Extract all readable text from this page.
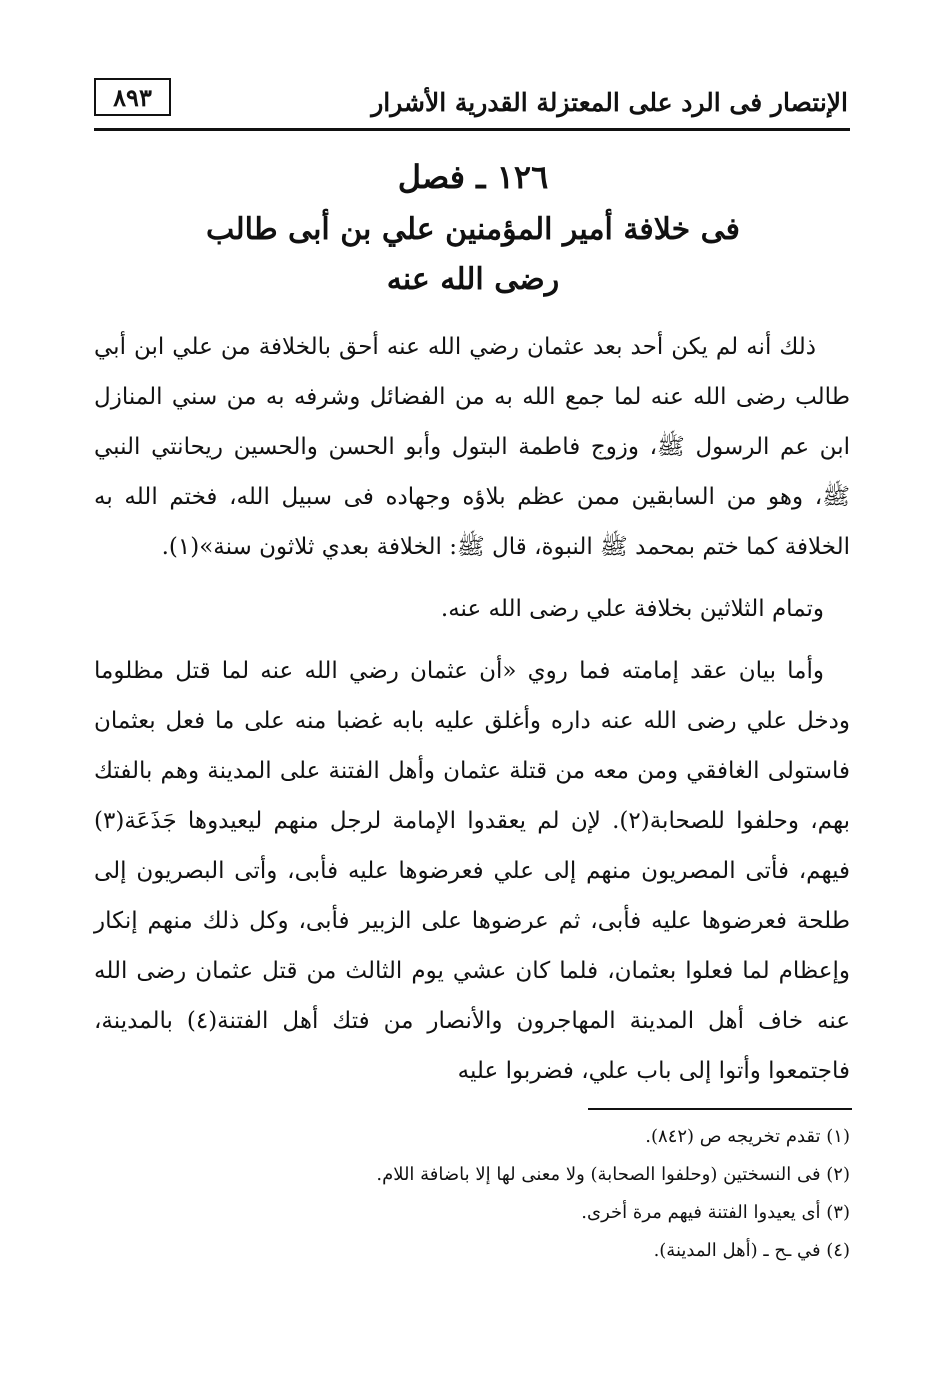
الإنتصار فى الرد على المعتزلة القدرية الأشرار
٨٩٣
١٢٦ ـ فصل
فى خلافة أمير المؤمنين علي بن أبى طالب
رضى الله عنه

ذلك أنه لم يكن أحد بعد عثمان رضي الله عنه أحق بالخلافة من علي ابن أبي طالب رضى الله عنه لما جمع الله به من الفضائل وشرفه به من سني المنازل ابن عم الرسول ﷺ، وزوج فاطمة البتول وأبو الحسن والحسين ريحانتي النبي ﷺ، وهو من السابقين ممن عظم بلاؤه وجهاده فى سبيل الله، فختم الله به الخلافة كما ختم بمحمد ﷺ النبوة، قال ﷺ: الخلافة بعدي ثلاثون سنة»(١).

وتمام الثلاثين بخلافة علي رضى الله عنه.

وأما بيان عقد إمامته فما روي «أن عثمان رضي الله عنه لما قتل مظلوما ودخل علي رضى الله عنه داره وأغلق عليه بابه غضبا منه على ما فعل بعثمان فاستولى الغافقي ومن معه من قتلة عثمان وأهل الفتنة على المدينة وهم بالفتك بهم، وحلفوا للصحابة(٢). لإن لم يعقدوا الإمامة لرجل منهم ليعيدوها جَذَعَة(٣) فيهم، فأتى المصريون منهم إلى علي فعرضوها عليه فأبى، وأتى البصريون إلى طلحة فعرضوها عليه فأبى، ثم عرضوها على الزبير فأبى، وكل ذلك منهم إنكار وإعظام لما فعلوا بعثمان، فلما كان عشي يوم الثالث من قتل عثمان رضى الله عنه خاف أهل المدينة المهاجرون والأنصار من فتك أهل الفتنة(٤) بالمدينة، فاجتمعوا وأتوا إلى باب علي، فضربوا عليه

(١) تقدم تخريجه ص (٨٤٢).
(٢) فى النسختين (وحلفوا الصحابة) ولا معنى لها إلا باضافة اللام.
(٣) أى يعيدوا الفتنة فيهم مرة أخرى.
(٤) في ـح ـ (أهل المدينة).
